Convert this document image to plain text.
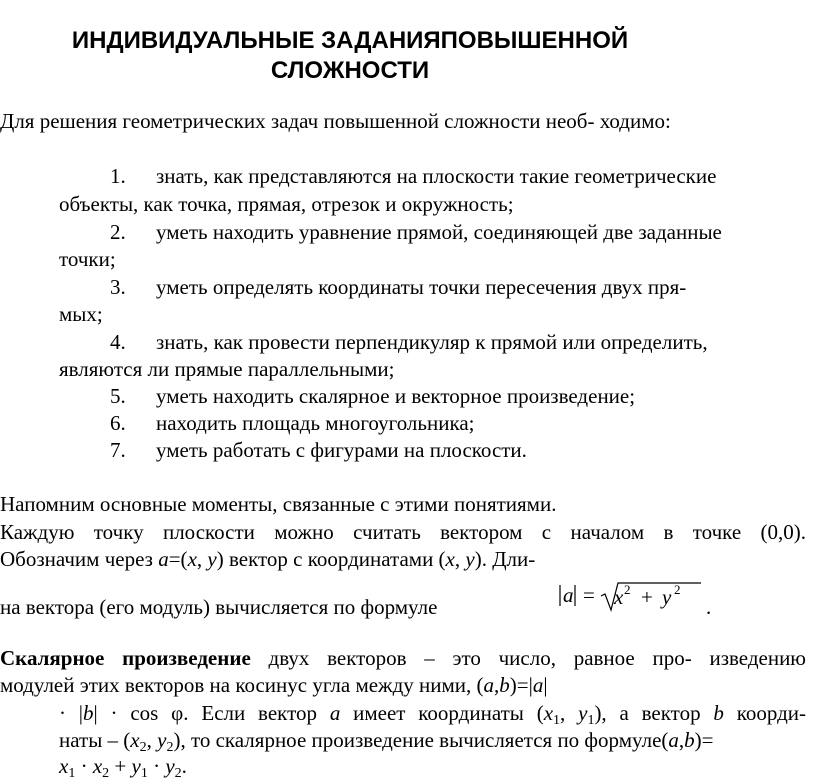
ИНДИВИДУАЛЬНЫЕ ЗАДАНИЯПОВЫШЕННОЙ
СЛОЖНОСТИ
Для решения геометрических задач повышенной сложности необ- ходимо:
1. знать, как представляются на плоскости такие геометрические
объекты, как точка, прямая, отрезок и окружность;
2. уметь находить уравнение прямой, соединяющей две заданные
точки;
3. уметь определять координаты точки пересечения двух пря-
мых;
4. знать, как провести перпендикуляр к прямой или определить,
являются ли прямые параллельными;
5. уметь находить скалярное и векторное произведение;
6. находить площадь многоугольника;
7. уметь работать с фигурами на плоскости.
Напомним основные моменты, связанные с этими понятиями.
Каждую точку плоскости можно считать вектором с началом в точке (0,0).
Обозначим через a=(x, y) вектор с координатами (x, y). Дли-
на вектора (его модуль) вычисляется по формуле	.
a = x 2 + y 2
Скалярное произведение двух векторов – это число, равное про- изведению
модулей этих векторов на косинус угла между ними, (a,b)=|a|
· |b| · cos φ. Если вектор a имеет координаты ($x_1$, $y_1$), а вектор b коорди-
наты – ($x_2$, $y_2$), то скалярное произведение вычисляется по формуле(a,b)=
$x_1 \cdot x_2 + y_1 \cdot y_2$.
